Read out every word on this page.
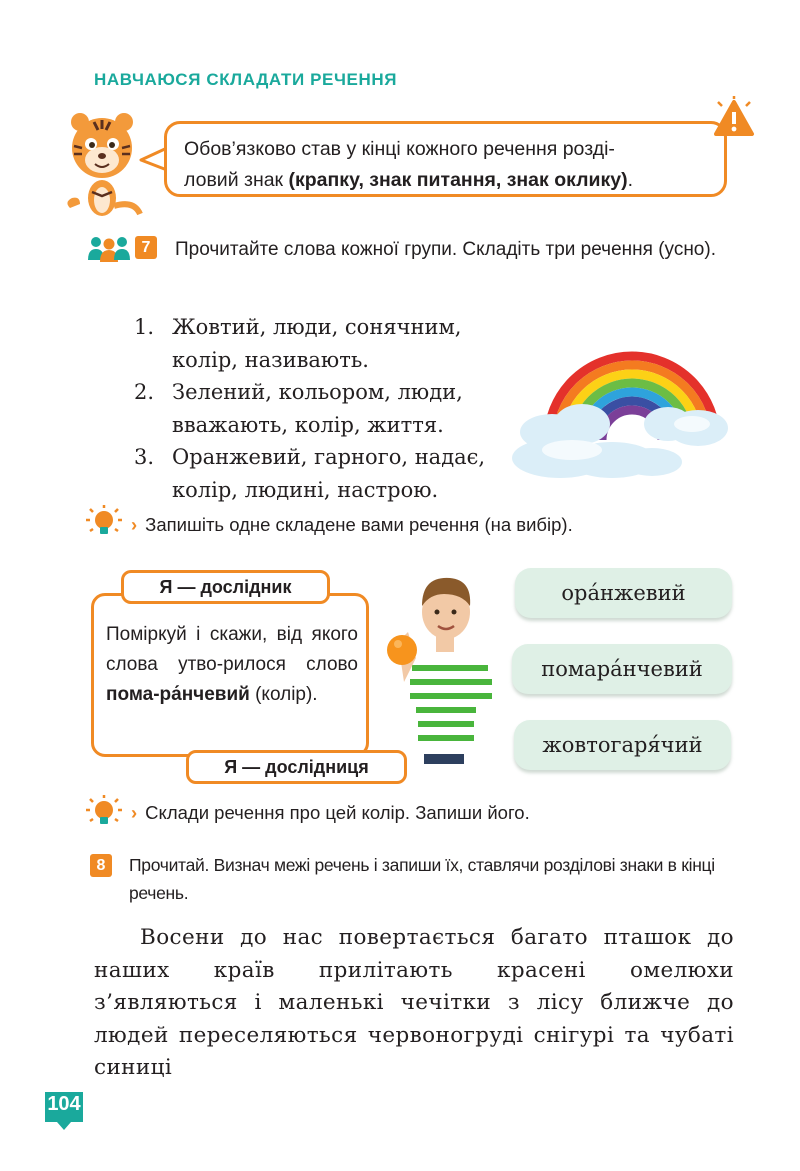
НАВЧАЮСЯ СКЛАДАТИ РЕЧЕННЯ
Обов’язково став у кінці кожного речення розді-
ловий знак (крапку, знак питання, знак оклику).
7	Прочитайте слова кожної групи. Складіть три речення (усно).
1. Жовтий, люди, сонячним,
колір, називають.
2. Зелений, кольором, люди,
вважають, колір, життя.
3. Оранжевий, гарного, надає,
колір, людині, настрою.
› Запишіть одне складене вами речення (на вибір).
Поміркуй і скажи, від якого слова утво-рилося слово пома-ра́нчевий (колір).
Я — дослідник
Я — дослідниця
ора́нжевий
помара́нчевий
жовтогаря́чий
› Склади речення про цей колір. Запиши його.
8	Прочитай. Визнач межі речень і запиши їх, ставлячи розділові знаки в кінці речень.
Восени до нас повертається багато пташок до наших країв прилітають красені омелюхи з’являються і маленькі чечітки з лісу ближче до людей переселяються червоногруді снігурі та чубаті синиці
104
